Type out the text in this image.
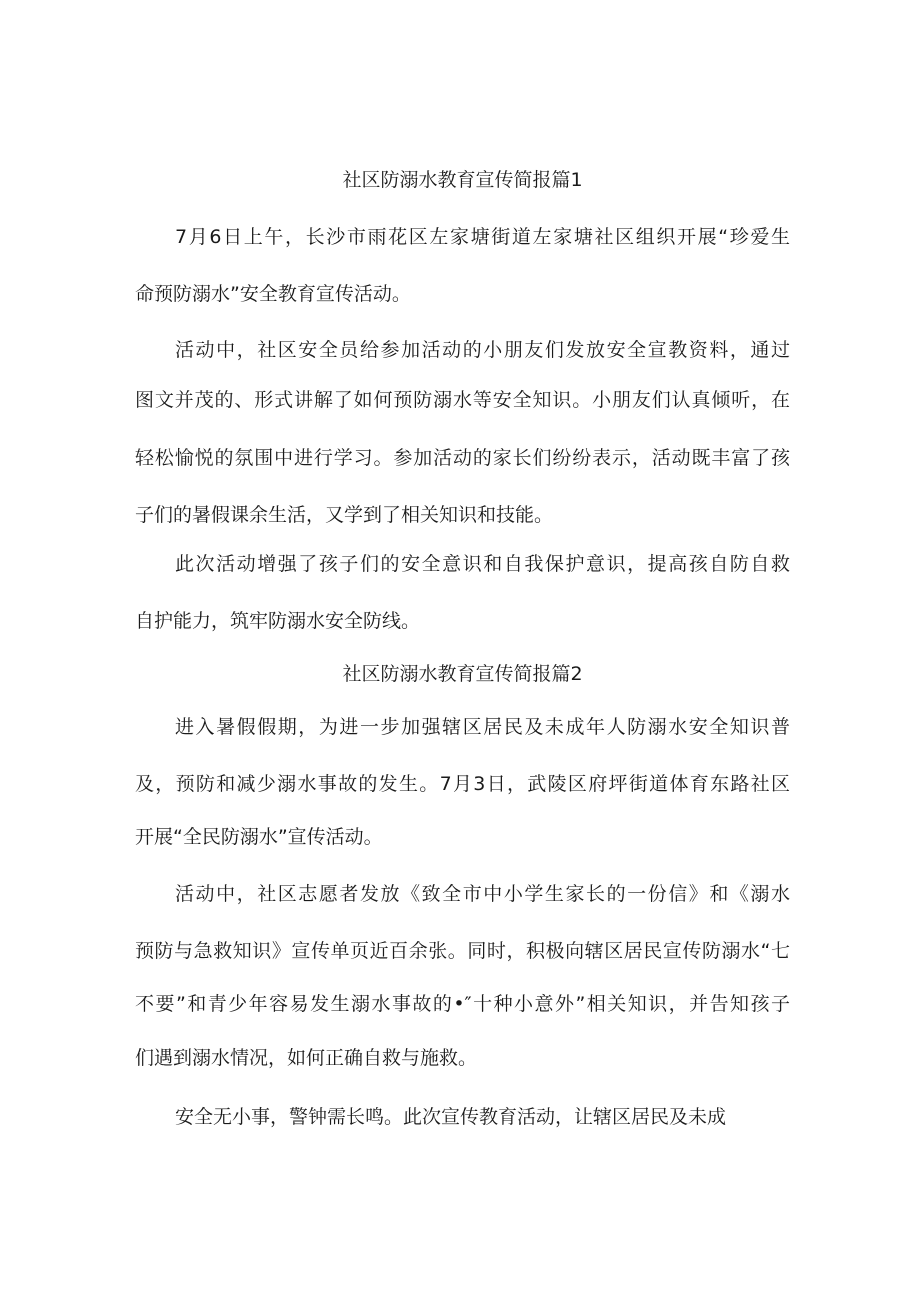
社区防溺水教育宣传简报篇1
7月6日上午，长沙市雨花区左家塘街道左家塘社区组织开展“珍爱生
命预防溺水”安全教育宣传活动。
活动中，社区安全员给参加活动的小朋友们发放安全宣教资料，通过
图文并茂的、形式讲解了如何预防溺水等安全知识。小朋友们认真倾听，在
轻松愉悦的氛围中进行学习。参加活动的家长们纷纷表示，活动既丰富了孩
子们的暑假课余生活，又学到了相关知识和技能。
此次活动增强了孩子们的安全意识和自我保护意识，提高孩自防自救
自护能力，筑牢防溺水安全防线。
社区防溺水教育宣传简报篇2
进入暑假假期，为进一步加强辖区居民及未成年人防溺水安全知识普
及，预防和减少溺水事故的发生。7月3日，武陵区府坪街道体育东路社区
开展“全民防溺水”宣传活动。
活动中，社区志愿者发放《致全市中小学生家长的一份信》和《溺水
预防与急救知识》宣传单页近百余张。同时，积极向辖区居民宣传防溺水“七
不要”和青少年容易发生溺水事故的•″十种小意外”相关知识，并告知孩子
们遇到溺水情况，如何正确自救与施救。
安全无小事，警钟需长鸣。此次宣传教育活动，让辖区居民及未成
